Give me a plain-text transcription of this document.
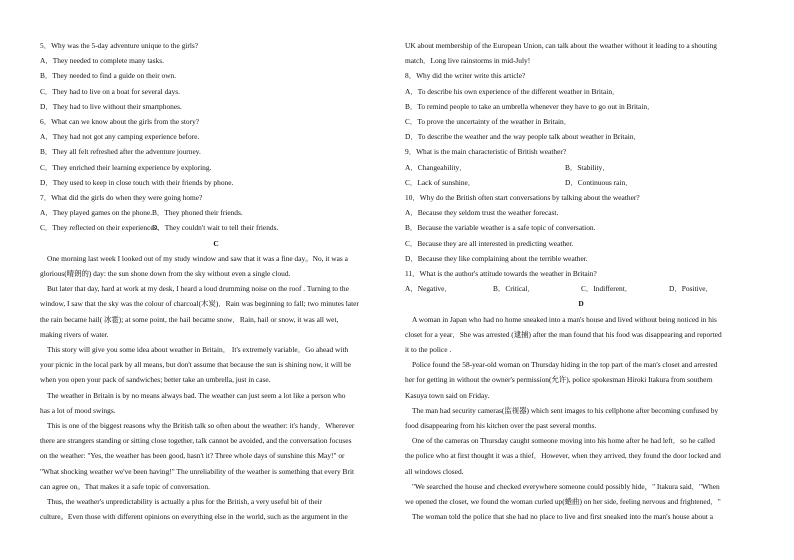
5．Why was the 5-day adventure unique to the girls?
A．They needed to complete many tasks.
B．They needed to find a guide on their own.
C．They had to live on a boat for several days.
D．They had to live without their smartphones.
6．What can we know about the girls from the story?
A．They had not got any camping experience before.
B．They all felt refreshed after the adventure journey.
C．They enriched their learning experience by exploring.
D．They used to keep in close touch with their friends by phone.
7．What did the girls do when they were going home?
A．They played games on the phone. B．They phoned their friends.
C．They reflected on their experiences.
D．They couldn't wait to tell their friends.
C
One morning last week I looked out of my study window and saw that it was a fine day。No, it was a
glorious(晴朗的) day: the sun shone down from the sky without even a single cloud.
But later that day, hard at work at my desk, I heard a loud drumming noise on the roof . Turning to the
window, I saw that the sky was the colour of charcoal(木炭)．Rain was beginning to fall; two minutes later
the rain became hail( 冰雹); at some point, the hail became snow．Rain, hail or snow, it was all wet,
making rivers of water.
This story will give you some idea about weather in Britain． It's extremely variable．Go ahead with
your picnic in the local park by all means, but don't assume that because the sun is shining now, it will be
when you open your pack of sandwiches; better take an umbrella, just in case.
The weather in Britain is by no means always bad. The weather can just seem a lot like a person who
has a lot of mood swings.
This is one of the biggest reasons why the British talk so often about the weather: it's handy．Wherever
there are strangers standing or sitting close together, talk cannot be avoided, and the conversation focuses
on the weather: "Yes, the weather has been good, hasn't it? Three whole days of sunshine this May!" or
"What shocking weather we've been having!" The unreliability of the weather is something that every Brit
can agree on。That makes it a safe topic of conversation.
Thus, the weather's unpredictability is actually a plus for the British, a very useful bit of their
culture。Even those with different opinions on everything else in the world, such as the argument in the
UK about membership of the European Union, can talk about the weather without it leading to a shouting
match．Long live rainstorms in mid-July!
8．Why did the writer write this article?
A．To describe his own experience of the different weather in Britain．
B．To remind people to take an umbrella whenever they have to go out in Britain．
C．To prove the uncertainty of the weather in Britain．
D．To describe the weather and the way people talk about weather in Britain．
9．What is the main characteristic of British weather?
A．Changeability．	B．Stability．
C．Lack of sunshine．	D．Continuous rain．
10．Why do the British often start conversations by talking about the weather?
A．Because they seldom trust the weather forecast.
B．Because the variable weather is a safe topic of conversation.
C．Because they are all interested in predicting weather.
D．Because they like complaining about the terrible weather.
11．What is the author's attitude towards the weather in Britain?
A．Negative．	B．Critical．	C．Indifferent．	D．Positive．
D
A woman in Japan who had no home sneaked into a man's house and lived without being noticed in his
closet for a year．She was arrested (逮捕) after the man found that his food was disappearing and reported
it to the police .
Police found the 58-year-old woman on Thursday hiding in the top part of the man's closet and arrested
her for getting in without the owner's permission(允许), police spokesman Hiroki Itakura from southern
Kasuya town said on Friday.
The man had security cameras(监视器) which sent images to his cellphone after becoming confused by
food disappearing from his kitchen over the past several months.
One of the cameras on Thursday caught someone moving into his home after he had left．so he called
the police who at first thought it was a thief．However, when they arrived, they found the door locked and
all windows closed.
"We searched the house and checked everywhere someone could possibly hide，" Itakura said．"When
we opened the closet, we found the woman curled up(蜷曲) on her side, feeling nervous and frightened．"
The woman told the police that she had no place to live and first sneaked into the man's house about a
